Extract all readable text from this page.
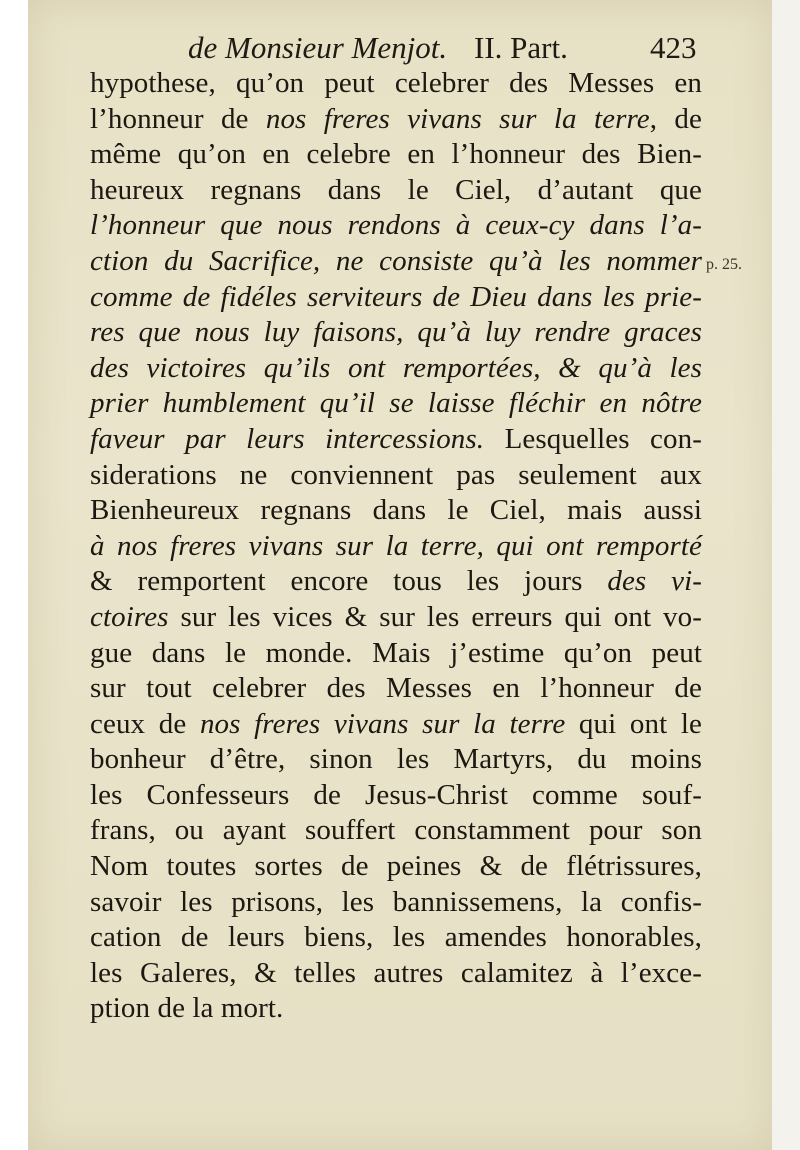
de Monsieur Menjot. II. Part.	423
hypothese, qu’on peut celebrer des Messes en
l’honneur de nos freres vivans sur la terre, de
même qu’on en celebre en l’honneur des Bien-
heureux regnans dans le Ciel, d’autant que
l’honneur que nous rendons à ceux-cy dans l’a-
ction du Sacrifice, ne consiste qu’à les nommer
comme de fidéles serviteurs de Dieu dans les prie-
res que nous luy faisons, qu’à luy rendre graces
des victoires qu’ils ont remportées, & qu’à les
prier humblement qu’il se laisse fléchir en nôtre
faveur par leurs intercessions. Lesquelles con-
siderations ne conviennent pas seulement aux
Bienheureux regnans dans le Ciel, mais aussi
à nos freres vivans sur la terre, qui ont remporté
& remportent encore tous les jours des vi-
ctoires sur les vices & sur les erreurs qui ont vo-
gue dans le monde. Mais j’estime qu’on peut
sur tout celebrer des Messes en l’honneur de
ceux de nos freres vivans sur la terre qui ont le
bonheur d’être, sinon les Martyrs, du moins
les Confesseurs de Jesus-Christ comme souf-
frans, ou ayant souffert constamment pour son
Nom toutes sortes de peines & de flétrissures,
savoir les prisons, les bannissemens, la confis-
cation de leurs biens, les amendes honorables,
les Galeres, & telles autres calamitez à l’exce-
ption de la mort.
p. 25.
